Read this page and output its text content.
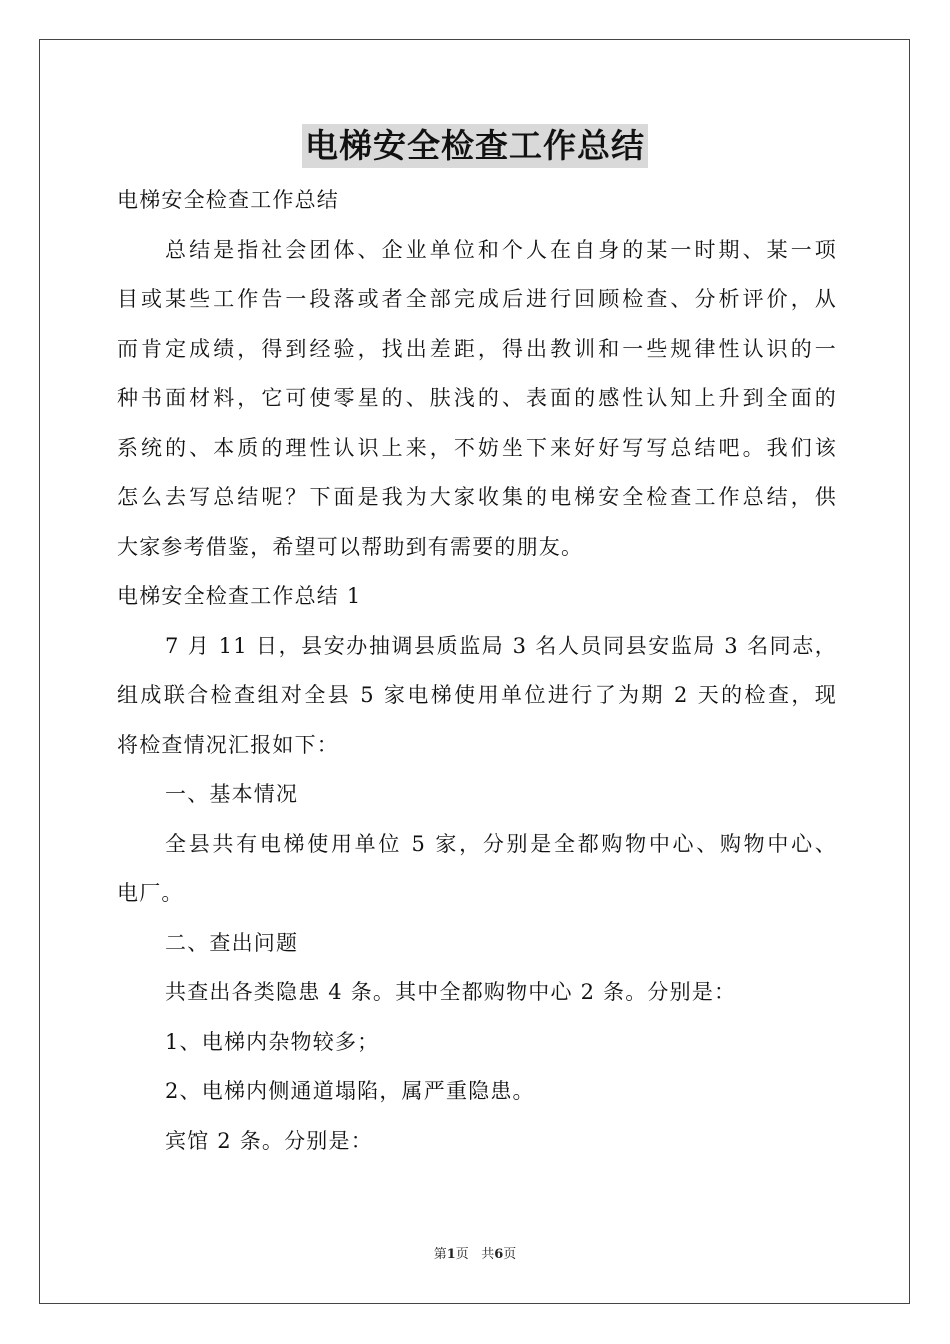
电梯安全检查工作总结
电梯安全检查工作总结
总结是指社会团体、企业单位和个人在自身的某一时期、某一项
目或某些工作告一段落或者全部完成后进行回顾检查、分析评价，从
而肯定成绩，得到经验，找出差距，得出教训和一些规律性认识的一
种书面材料，它可使零星的、肤浅的、表面的感性认知上升到全面的
系统的、本质的理性认识上来，不妨坐下来好好写写总结吧。我们该
怎么去写总结呢？下面是我为大家收集的电梯安全检查工作总结，供
大家参考借鉴，希望可以帮助到有需要的朋友。
电梯安全检查工作总结 1
7 月 11 日，县安办抽调县质监局 3 名人员同县安监局 3 名同志，
组成联合检查组对全县 5 家电梯使用单位进行了为期 2 天的检查，现
将检查情况汇报如下：
一、基本情况
全县共有电梯使用单位 5 家，分别是全都购物中心、购物中心、
电厂。
二、查出问题
共查出各类隐患 4 条。其中全都购物中心 2 条。分别是：
1、电梯内杂物较多；
2、电梯内侧通道塌陷，属严重隐患。
宾馆 2 条。分别是：
第1页 共6页
